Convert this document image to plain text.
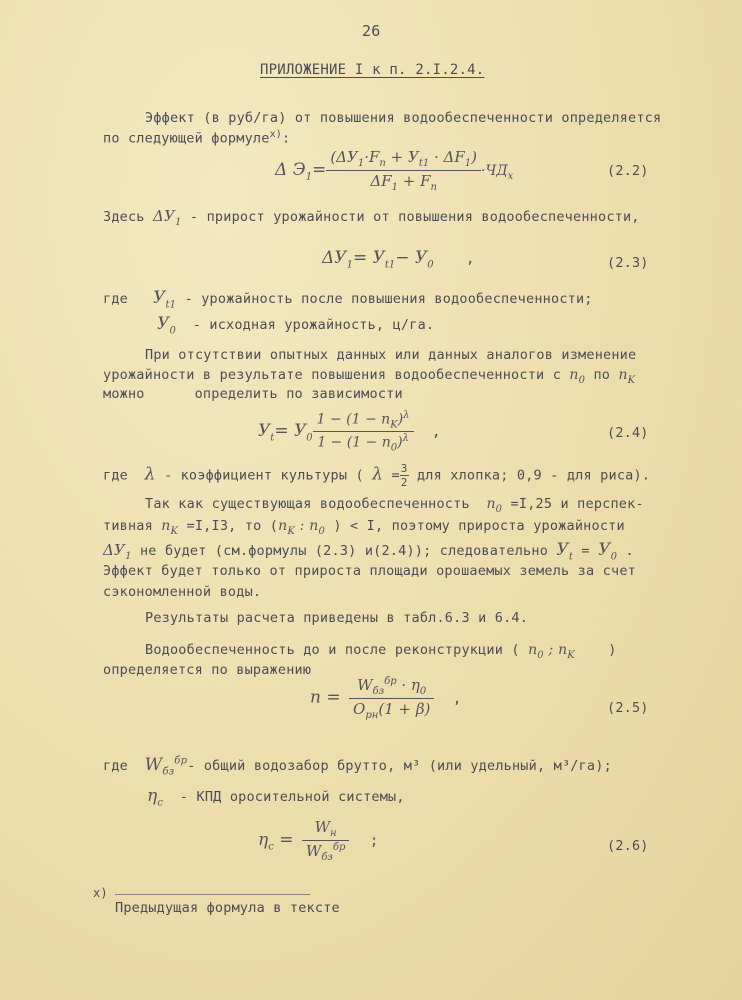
26
ПРИЛОЖЕНИЕ I к п. 2.I.2.4.
Эффект (в руб/га) от повышения водообеспеченности определяется
по следующей формуле$^{x)}$:
Δ $Э_1= \frac{(\Delta У_1\cdot F_n + У_{t1} \cdot \Delta F_1)}{\Delta F_1 + F_n} \cdot ЧД_x$	(2.2)
Здесь $\Delta У_1$ - прирост урожайности от повышения водообеспеченности,
$\Delta У_1= У_{t1}- У_0$ ,	(2.3)
где $У_{t1}$ - урожайность после повышения водообеспеченности;
$У_0$ - исходная урожайность, ц/га.
При отсутствии опытных данных или данных аналогов изменение
урожайности в результате повышения водообеспеченности с $n_0$ по $n_K$
можно      определить по зависимости
$У_t= У_0 \frac{1 - (1 - n_K)^\lambda}{1 - (1 - n_0)^\lambda}$ ,	(2.4)
где λ - коэффициент культуры ( $\lambda = \frac{3}{2}$ для хлопка; 0,9 - для риса).
Так как существующая водообеспеченность $n_0 =I,25$ и перспек-
тивная $n_K =I,I3$, то ($n_K$ : $n_0$ ) < I, поэтому прироста урожайности
$\Delta У_1$ не будет (см.формулы (2.3) и(2.4)); следовательно $У_t = У_0$ .
Эффект будет только от прироста площади орошаемых земель за счет
сэкономленной воды.
Результаты расчета приведены в табл.6.3 и 6.4.
Водообеспеченность до и после реконструкции ( $n_0$ ; $n_K$ )
определяется по выражению
$n = \frac{W_{бз}^{бр} \cdot \eta_0}{O_{рн}(1 + \beta)}$ ,
(2.5)
где $W_{бз}^{бр}-$ общий водозабор брутто, м³ (или удельный, м³/га);
$\eta_c$ - КПД оросительной системы,
$\eta_c = \frac{W_н}{W_{бз}^{бр}}$ ;	(2.6)
x)
Предыдущая формула в тексте
